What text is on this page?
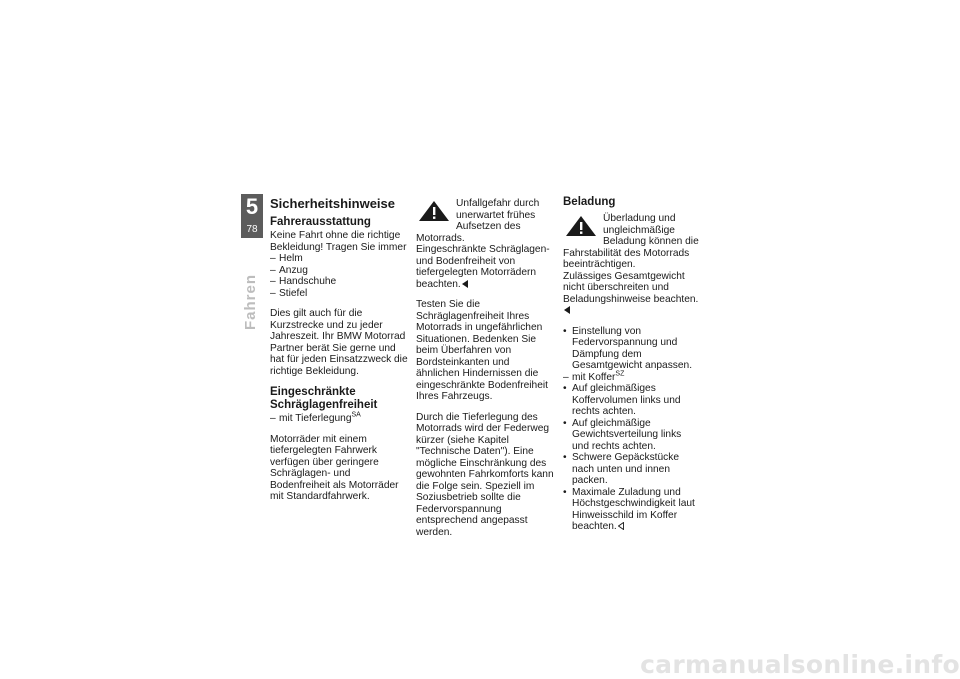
5
78
Fahren
Sicherheitshinweise
Fahrerausstattung

Keine Fahrt ohne die richtige Bekleidung! Tragen Sie immer

– Helm
– Anzug
– Handschuhe
– Stiefel

Dies gilt auch für die Kurzstrecke und zu jeder Jahreszeit. Ihr BMW Motorrad Partner berät Sie gerne und hat für jeden Einsatzzweck die richtige Bekleidung.

Eingeschränkte Schräglagenfreiheit
– mit Tieferlegung$^{SA}$

Motorräder mit einem tiefergelegten Fahrwerk verfügen über geringere Schräglagen- und Bodenfreiheit als Motorräder mit Standardfahrwerk.

Unfallgefahr durch unerwartet frühes Aufsetzen des Motorrads.

Eingeschränkte Schräglagen- und Bodenfreiheit von tiefergelegten Motorrädern beachten.

Testen Sie die Schräglagenfreiheit Ihres Motorrads in ungefährlichen Situationen. Bedenken Sie beim Überfahren von Bordsteinkanten und ähnlichen Hindernissen die eingeschränkte Bodenfreiheit Ihres Fahrzeugs.

Durch die Tieferlegung des Motorrads wird der Federweg kürzer (siehe Kapitel "Technische Daten"). Eine mögliche Einschränkung des gewohnten Fahrkomforts kann die Folge sein. Speziell im Soziusbetrieb sollte die Federvorspannung entsprechend angepasst werden.

Beladung

Überladung und ungleichmäßige Beladung können die Fahrstabilität des Motorrads beeinträchtigen.

Zulässiges Gesamtgewicht nicht überschreiten und Beladungshinweise beachten.

• Einstellung von Federvorspannung und Dämpfung dem Gesamtgewicht anpassen.
– mit Koffer$^{SZ}$
• Auf gleichmäßiges Koffervolumen links und rechts achten.
• Auf gleichmäßige Gewichtsverteilung links und rechts achten.
• Schwere Gepäckstücke nach unten und innen packen.
• Maximale Zuladung und Höchstgeschwindigkeit laut Hinweisschild im Koffer beachten.
carmanualsonline.info
